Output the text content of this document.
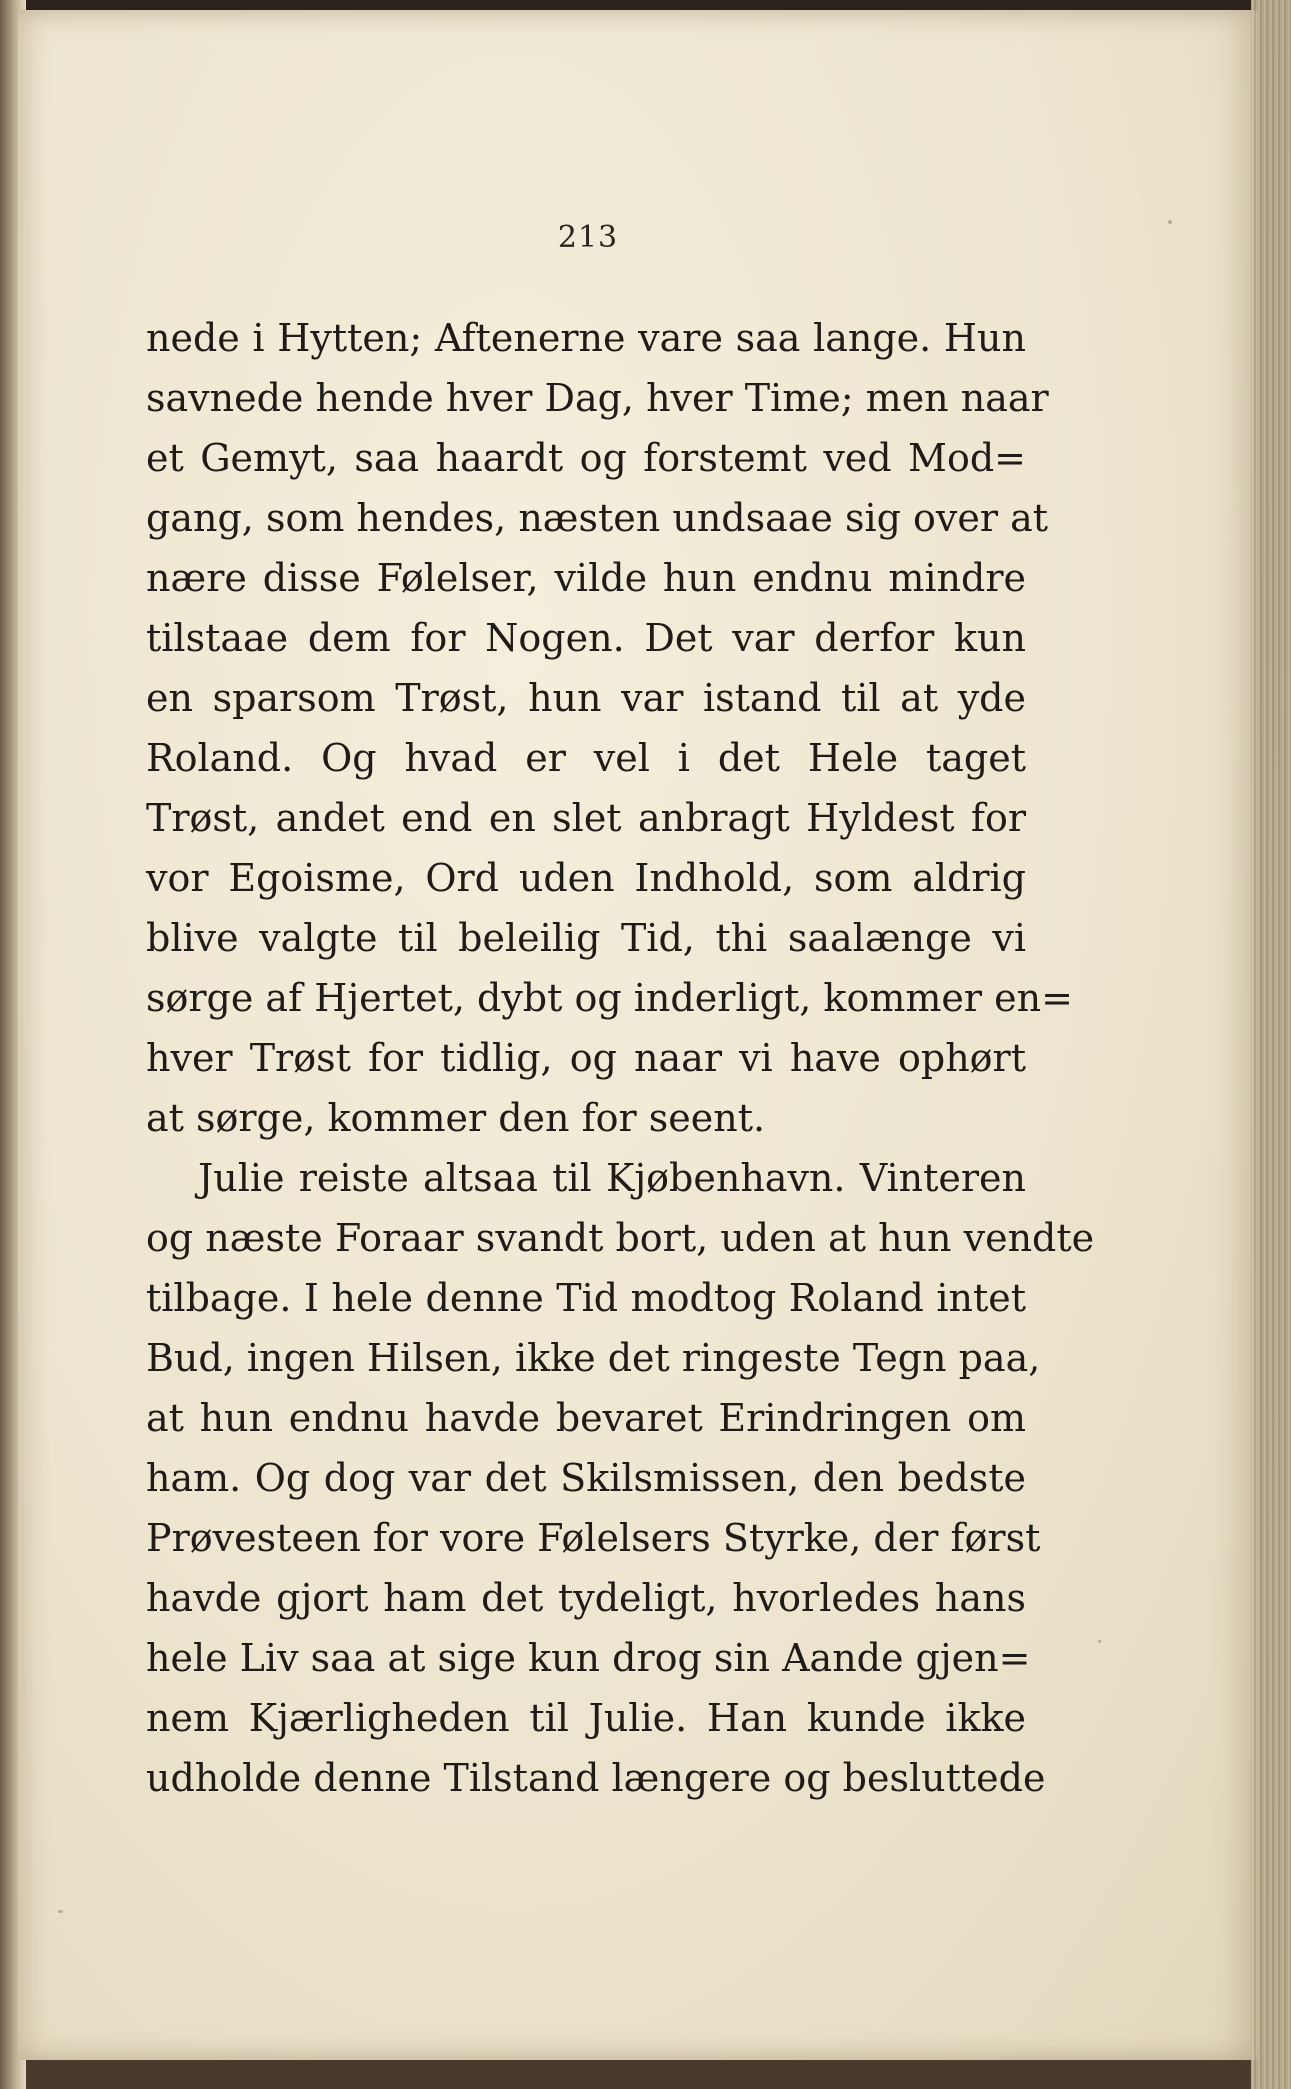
213
nede i Hytten; Aftenerne vare saa lange. Hun
savnede hende hver Dag, hver Time; men naar
et Gemyt, saa haardt og forstemt ved Mod=
gang, som hendes, næsten undsaae sig over at
nære disse Følelser, vilde hun endnu mindre
tilstaae dem for Nogen. Det var derfor kun
en sparsom Trøst, hun var istand til at yde
Roland. Og hvad er vel i det Hele taget
Trøst, andet end en slet anbragt Hyldest for
vor Egoisme, Ord uden Indhold, som aldrig
blive valgte til beleilig Tid, thi saalænge vi
sørge af Hjertet, dybt og inderligt, kommer en=
hver Trøst for tidlig, og naar vi have ophørt
at sørge, kommer den for seent.
Julie reiste altsaa til Kjøbenhavn. Vinteren
og næste Foraar svandt bort, uden at hun vendte
tilbage. I hele denne Tid modtog Roland intet
Bud, ingen Hilsen, ikke det ringeste Tegn paa,
at hun endnu havde bevaret Erindringen om
ham. Og dog var det Skilsmissen, den bedste
Prøvesteen for vore Følelsers Styrke, der først
havde gjort ham det tydeligt, hvorledes hans
hele Liv saa at sige kun drog sin Aande gjen=
nem Kjærligheden til Julie. Han kunde ikke
udholde denne Tilstand længere og besluttede
